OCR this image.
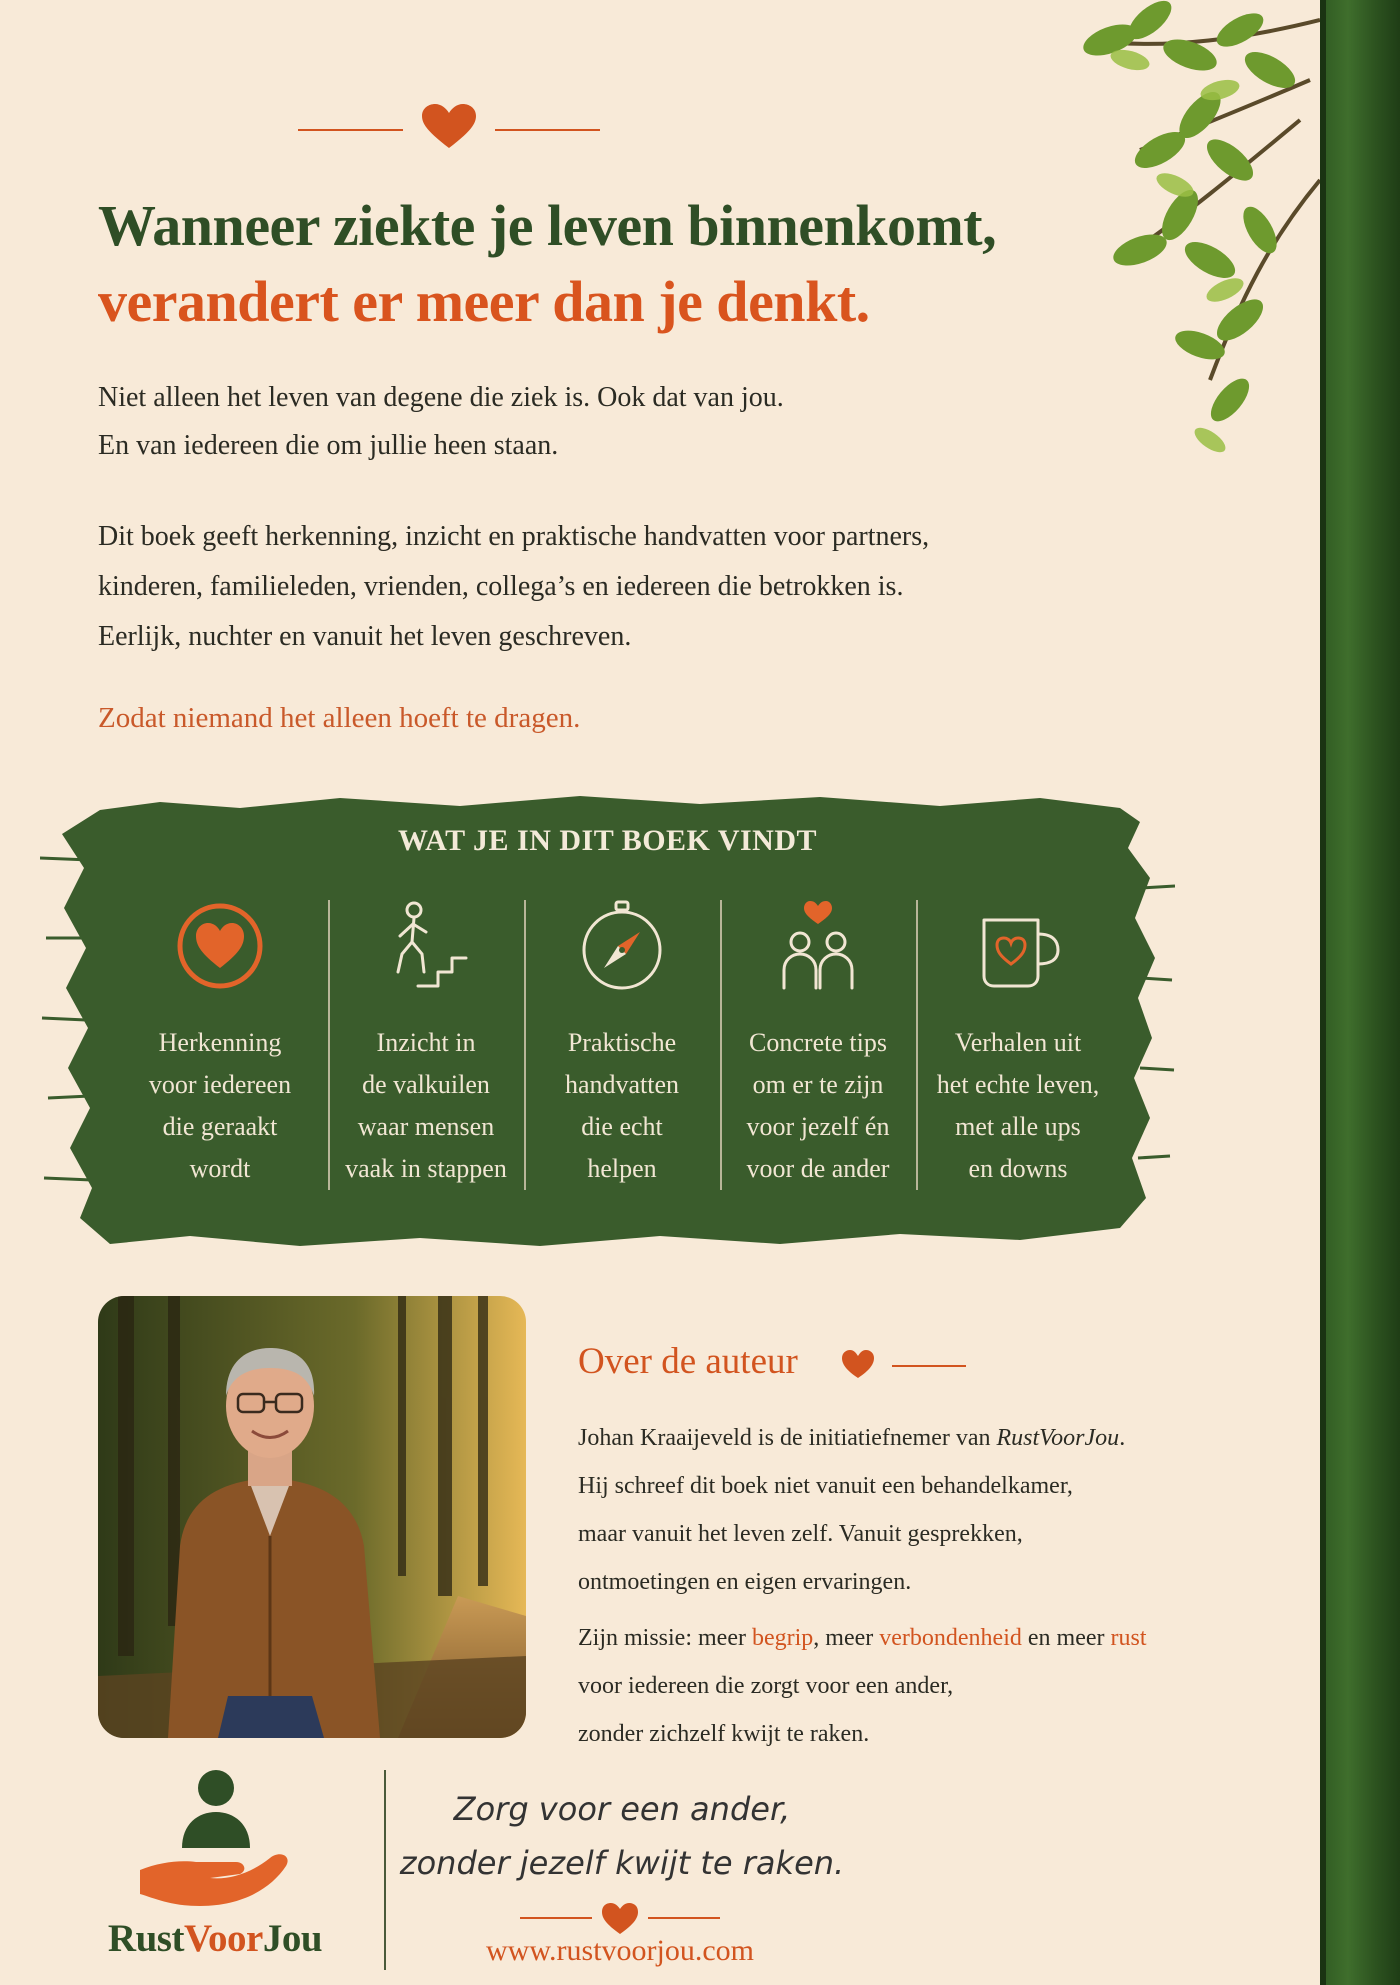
Wanneer ziekte je leven binnenkomt,
verandert er meer dan je denkt.

Niet alleen het leven van degene die ziek is. Ook dat van jou.
En van iedereen die om jullie heen staan.

Dit boek geeft herkenning, inzicht en praktische handvatten voor partners,
kinderen, familieleden, vrienden, collega’s en iedereen die betrokken is.
Eerlijk, nuchter en vanuit het leven geschreven.

Zodat niemand het alleen hoeft te dragen.

WAT JE IN DIT BOEK VINDT
Herkenning
voor iedereen
die geraakt
wordt
Inzicht in
de valkuilen
waar mensen
vaak in stappen
Praktische
handvatten
die echt
helpen
Concrete tips
om er te zijn
voor jezelf én
voor de ander
Verhalen uit
het echte leven,
met alle ups
en downs
Over de auteur

Johan Kraaijeveld is de initiatiefnemer van RustVoorJou.
Hij schreef dit boek niet vanuit een behandelkamer,
maar vanuit het leven zelf. Vanuit gesprekken,
ontmoetingen en eigen ervaringen.

Zijn missie: meer begrip, meer verbondenheid en meer rust
voor iedereen die zorgt voor een ander,
zonder zichzelf kwijt te raken.

RustVoorJou

Zorg voor een ander,
zonder jezelf kwijt te raken.

www.rustvoorjou.com
